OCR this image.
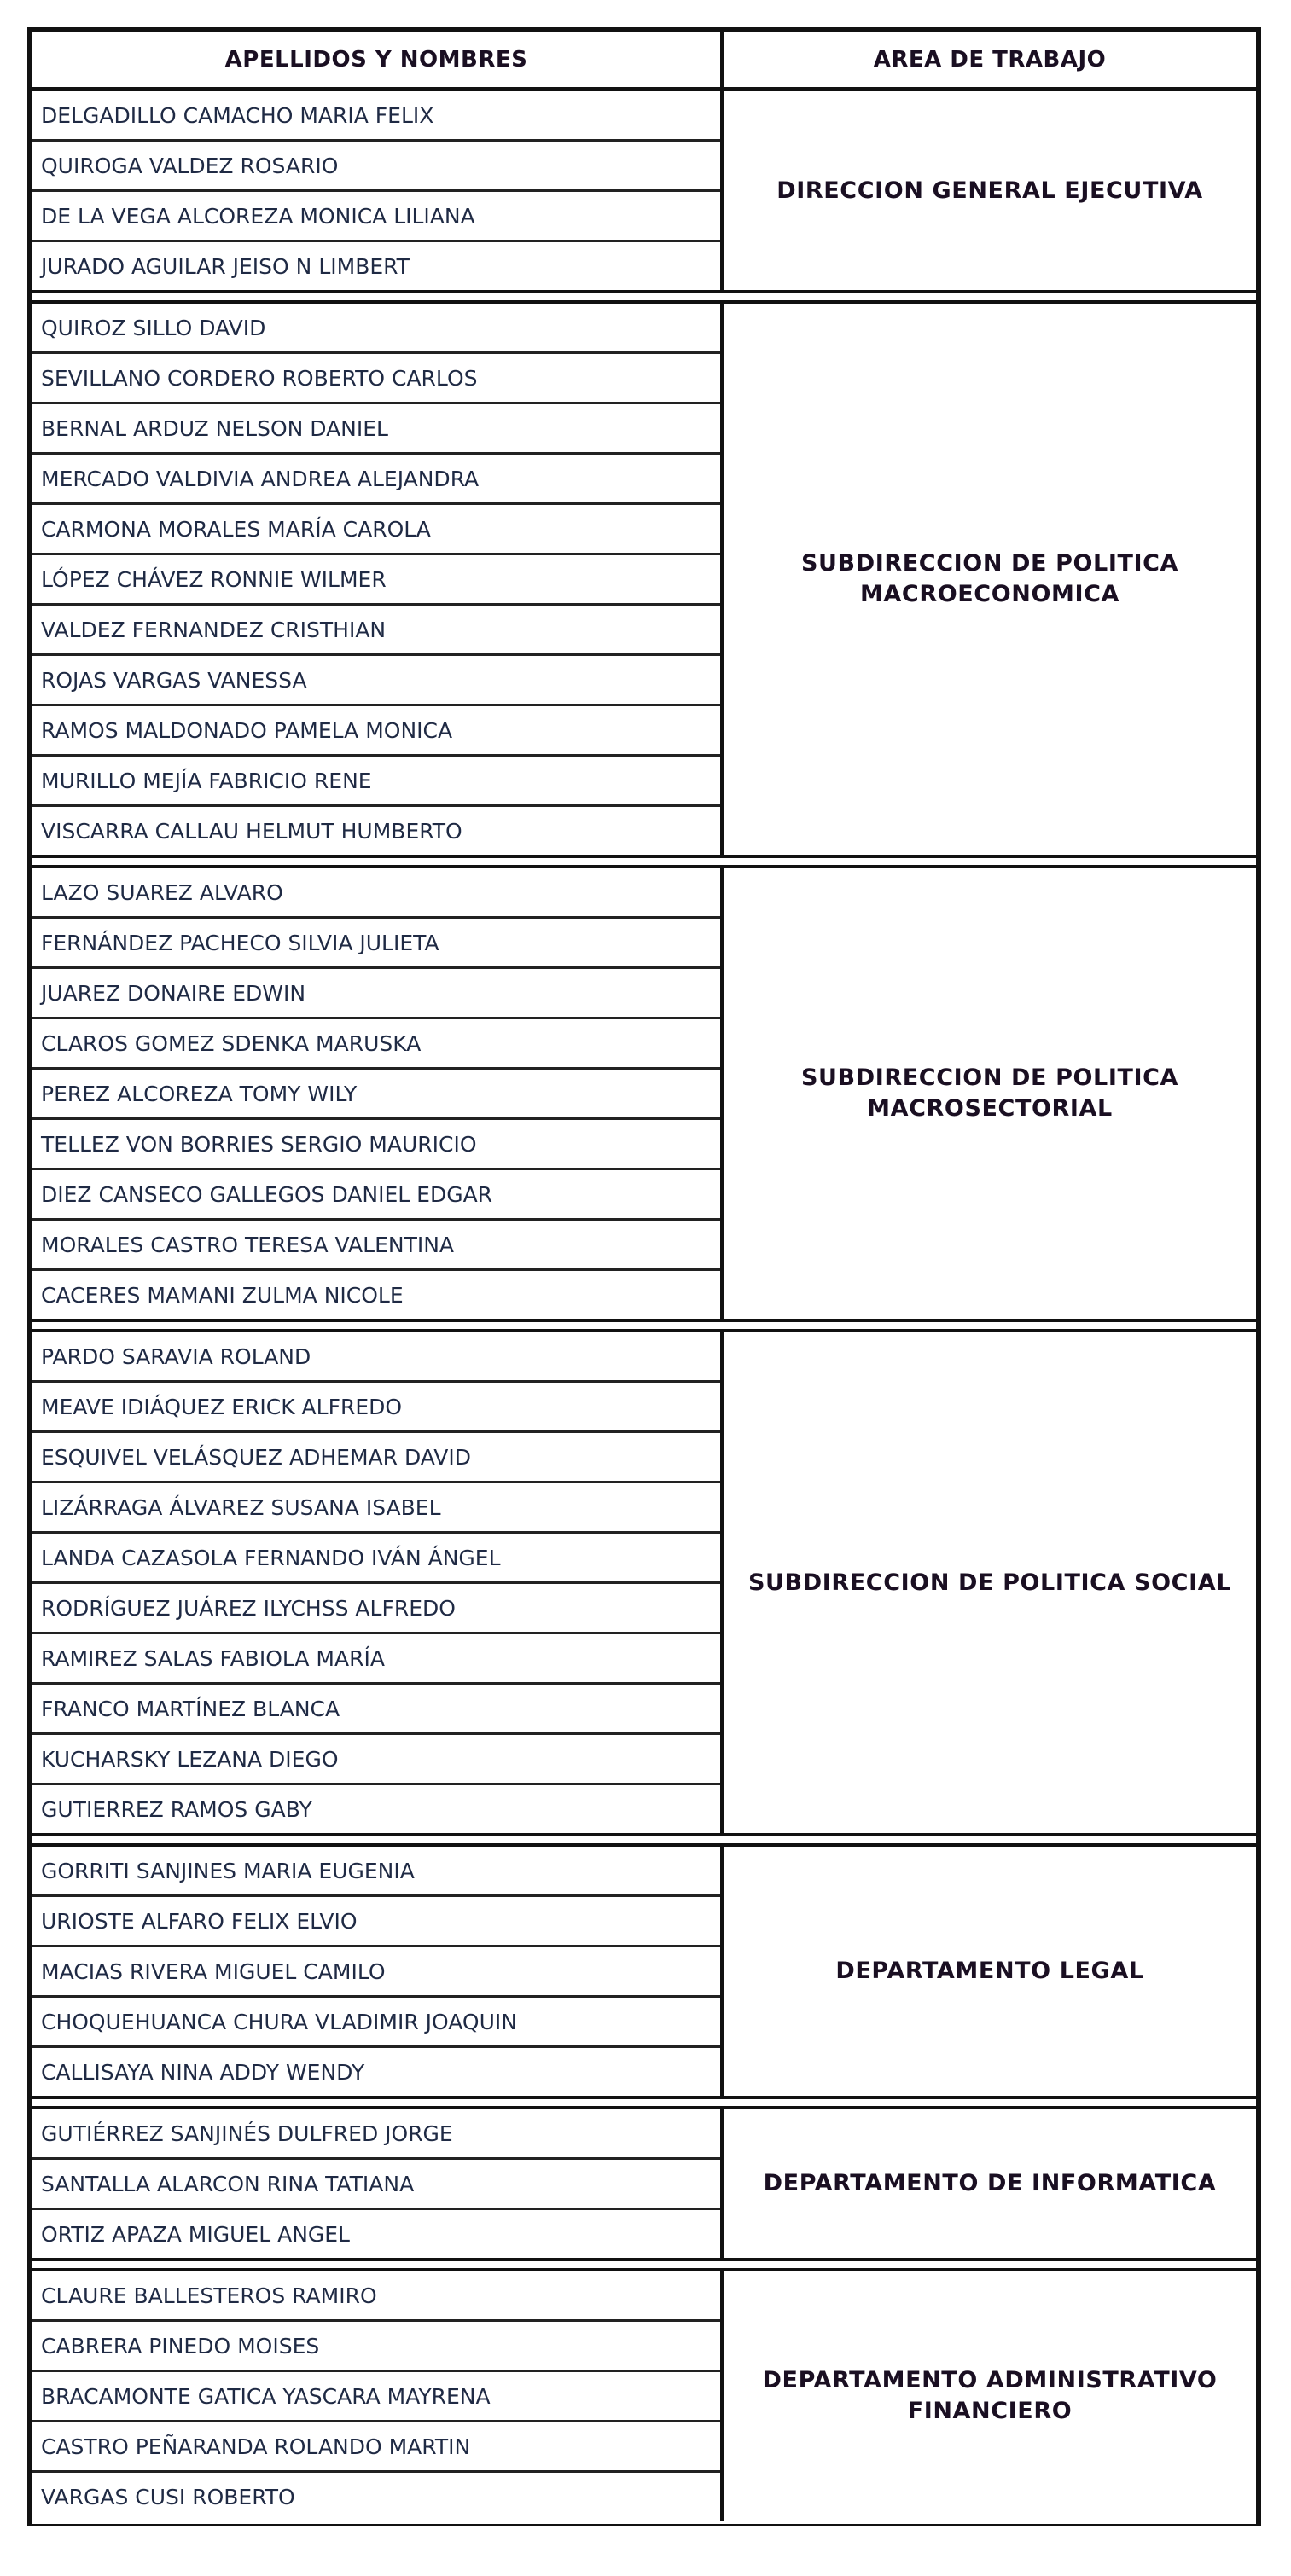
APELLIDOS Y NOMBRES	AREA DE TRABAJO
DELGADILLO CAMACHO MARIA FELIX
QUIROGA VALDEZ ROSARIO
DE LA VEGA ALCOREZA MONICA LILIANA
JURADO AGUILAR JEISO N LIMBERT
DIRECCION GENERAL EJECUTIVA
QUIROZ SILLO DAVID
SEVILLANO CORDERO ROBERTO CARLOS
BERNAL ARDUZ NELSON DANIEL
MERCADO VALDIVIA ANDREA ALEJANDRA
CARMONA MORALES MARÍA CAROLA
LÓPEZ CHÁVEZ RONNIE WILMER
VALDEZ FERNANDEZ CRISTHIAN
ROJAS VARGAS VANESSA
RAMOS MALDONADO PAMELA MONICA
MURILLO MEJÍA FABRICIO RENE
VISCARRA CALLAU HELMUT HUMBERTO
SUBDIRECCION DE POLITICA
MACROECONOMICA
LAZO SUAREZ ALVARO
FERNÁNDEZ PACHECO SILVIA JULIETA
JUAREZ DONAIRE EDWIN
CLAROS GOMEZ SDENKA MARUSKA
PEREZ ALCOREZA TOMY WILY
TELLEZ VON BORRIES SERGIO MAURICIO
DIEZ CANSECO GALLEGOS DANIEL EDGAR
MORALES CASTRO TERESA VALENTINA
CACERES MAMANI ZULMA NICOLE
SUBDIRECCION DE POLITICA
MACROSECTORIAL
PARDO SARAVIA ROLAND
MEAVE IDIÁQUEZ ERICK ALFREDO
ESQUIVEL VELÁSQUEZ ADHEMAR DAVID
LIZÁRRAGA ÁLVAREZ SUSANA ISABEL
LANDA CAZASOLA FERNANDO IVÁN ÁNGEL
RODRÍGUEZ JUÁREZ ILYCHSS ALFREDO
RAMIREZ SALAS FABIOLA MARÍA
FRANCO MARTÍNEZ BLANCA
KUCHARSKY LEZANA DIEGO
GUTIERREZ RAMOS GABY
SUBDIRECCION DE POLITICA SOCIAL
GORRITI SANJINES MARIA EUGENIA
URIOSTE ALFARO FELIX ELVIO
MACIAS RIVERA MIGUEL CAMILO
CHOQUEHUANCA CHURA VLADIMIR JOAQUIN
CALLISAYA NINA ADDY WENDY
DEPARTAMENTO LEGAL
GUTIÉRREZ SANJINÉS DULFRED JORGE
SANTALLA ALARCON RINA TATIANA
ORTIZ APAZA MIGUEL ANGEL
DEPARTAMENTO DE INFORMATICA
CLAURE BALLESTEROS RAMIRO
CABRERA PINEDO MOISES
BRACAMONTE GATICA YASCARA MAYRENA
CASTRO PEÑARANDA ROLANDO MARTIN
VARGAS CUSI ROBERTO
DEPARTAMENTO ADMINISTRATIVO
FINANCIERO
